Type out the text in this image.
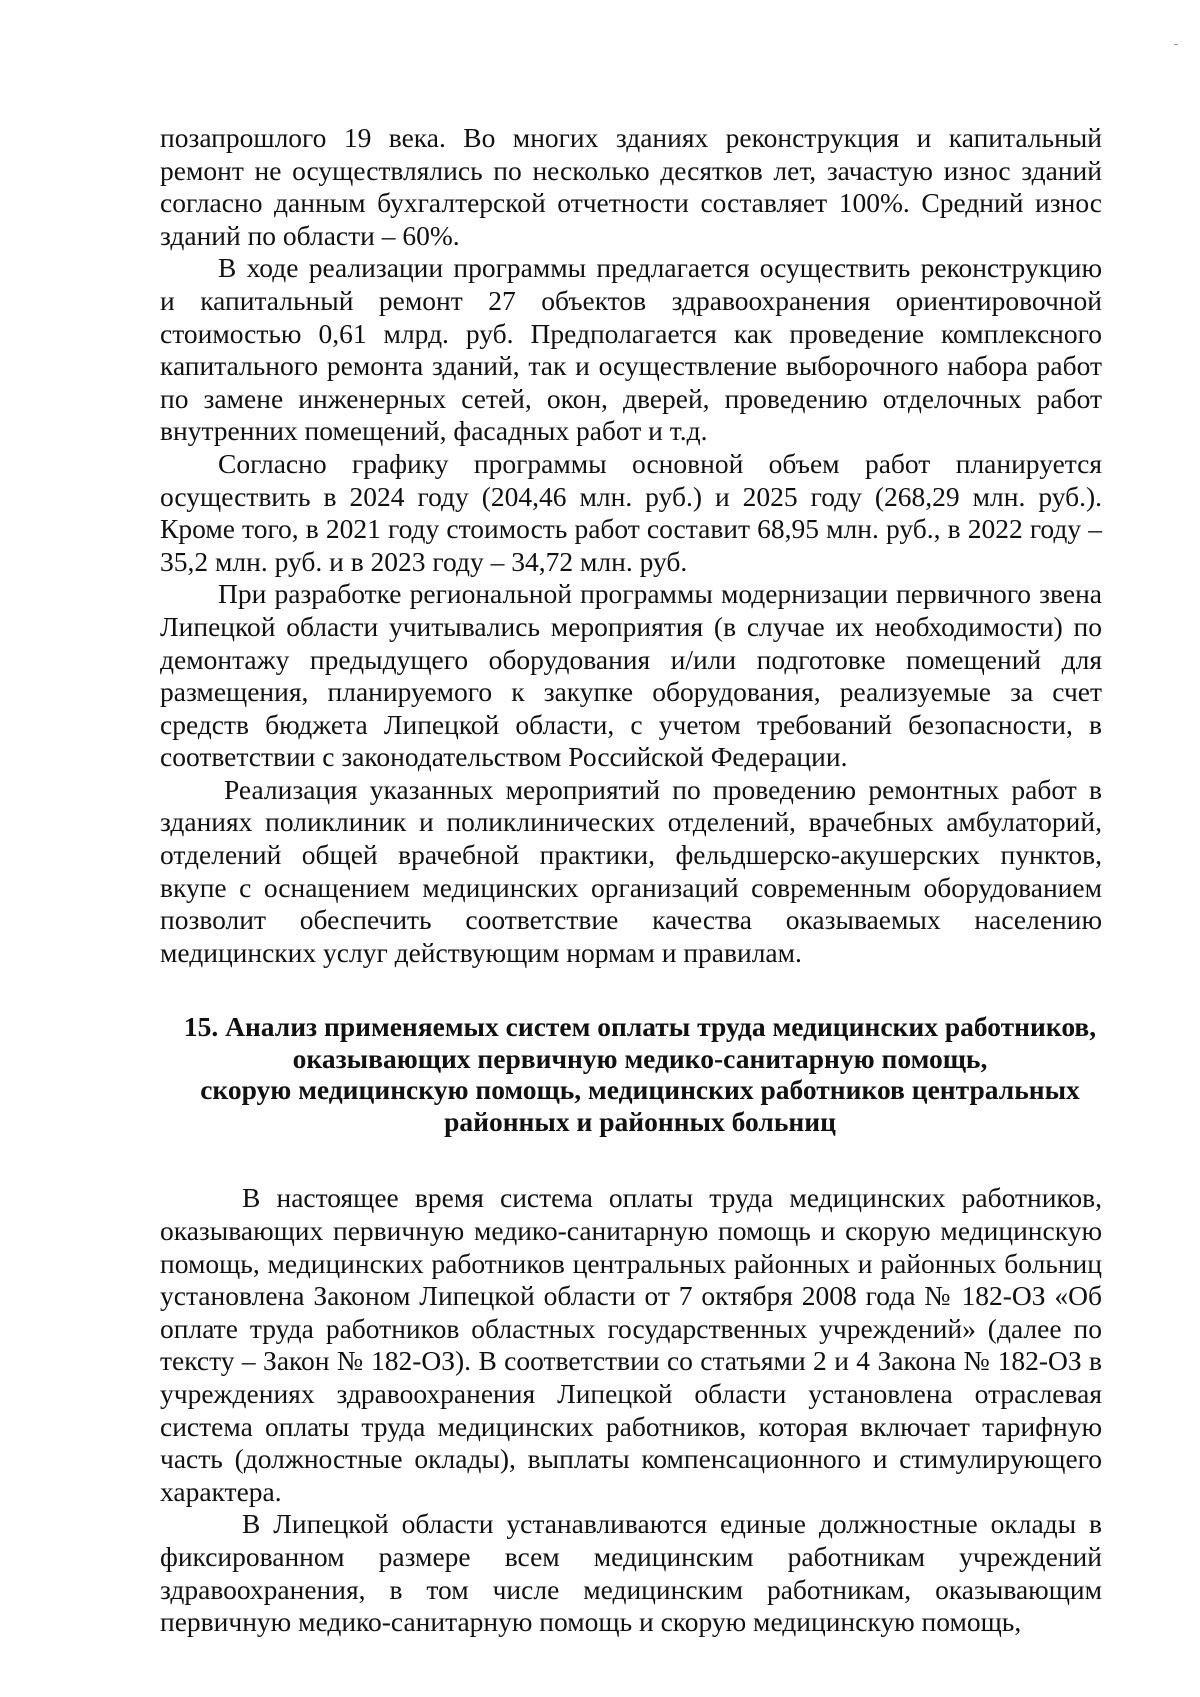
позапрошлого 19 века. Во многих зданиях реконструкция и капитальный ремонт не осуществлялись по несколько десятков лет, зачастую износ зданий согласно данным бухгалтерской отчетности составляет 100%. Средний износ зданий по области – 60%.

В ходе реализации программы предлагается осуществить реконструкцию и капитальный ремонт 27 объектов здравоохранения ориентировочной стоимостью 0,61 млрд. руб. Предполагается как проведение комплексного капитального ремонта зданий, так и осуществление выборочного набора работ по замене инженерных сетей, окон, дверей, проведению отделочных работ внутренних помещений, фасадных работ и т.д.

Согласно графику программы основной объем работ планируется осуществить в 2024 году (204,46 млн. руб.) и 2025 году (268,29 млн. руб.). Кроме того, в 2021 году стоимость работ составит 68,95 млн. руб., в 2022 году – 35,2 млн. руб. и в 2023 году – 34,72 млн. руб.

При разработке региональной программы модернизации первичного звена Липецкой области учитывались мероприятия (в случае их необходимости) по демонтажу предыдущего оборудования и/или подготовке помещений для размещения, планируемого к закупке оборудования, реализуемые за счет средств бюджета Липецкой области, с учетом требований безопасности, в соответствии с законодательством Российской Федерации.

Реализация указанных мероприятий по проведению ремонтных работ в зданиях поликлиник и поликлинических отделений, врачебных амбулаторий, отделений общей врачебной практики, фельдшерско-акушерских пунктов, вкупе с оснащением медицинских организаций современным оборудованием позволит обеспечить соответствие качества оказываемых населению медицинских услуг действующим нормам и правилам.

15. Анализ применяемых систем оплаты труда медицинских работников,
оказывающих первичную медико-санитарную помощь,
скорую медицинскую помощь, медицинских работников центральных
районных и районных больниц

В настоящее время система оплаты труда медицинских работников, оказывающих первичную медико-санитарную помощь и скорую медицинскую помощь, медицинских работников центральных районных и районных больниц установлена Законом Липецкой области от 7 октября 2008 года № 182-ОЗ «Об оплате труда работников областных государственных учреждений» (далее по тексту – Закон № 182-ОЗ). В соответствии со статьями 2 и 4 Закона № 182-ОЗ в учреждениях здравоохранения Липецкой области установлена отраслевая система оплаты труда медицинских работников, которая включает тарифную часть (должностные оклады), выплаты компенсационного и стимулирующего характера.

В Липецкой области устанавливаются единые должностные оклады в фиксированном размере всем медицинским работникам учреждений здравоохранения, в том числе медицинским работникам, оказывающим первичную медико-санитарную помощь и скорую медицинскую помощь,
